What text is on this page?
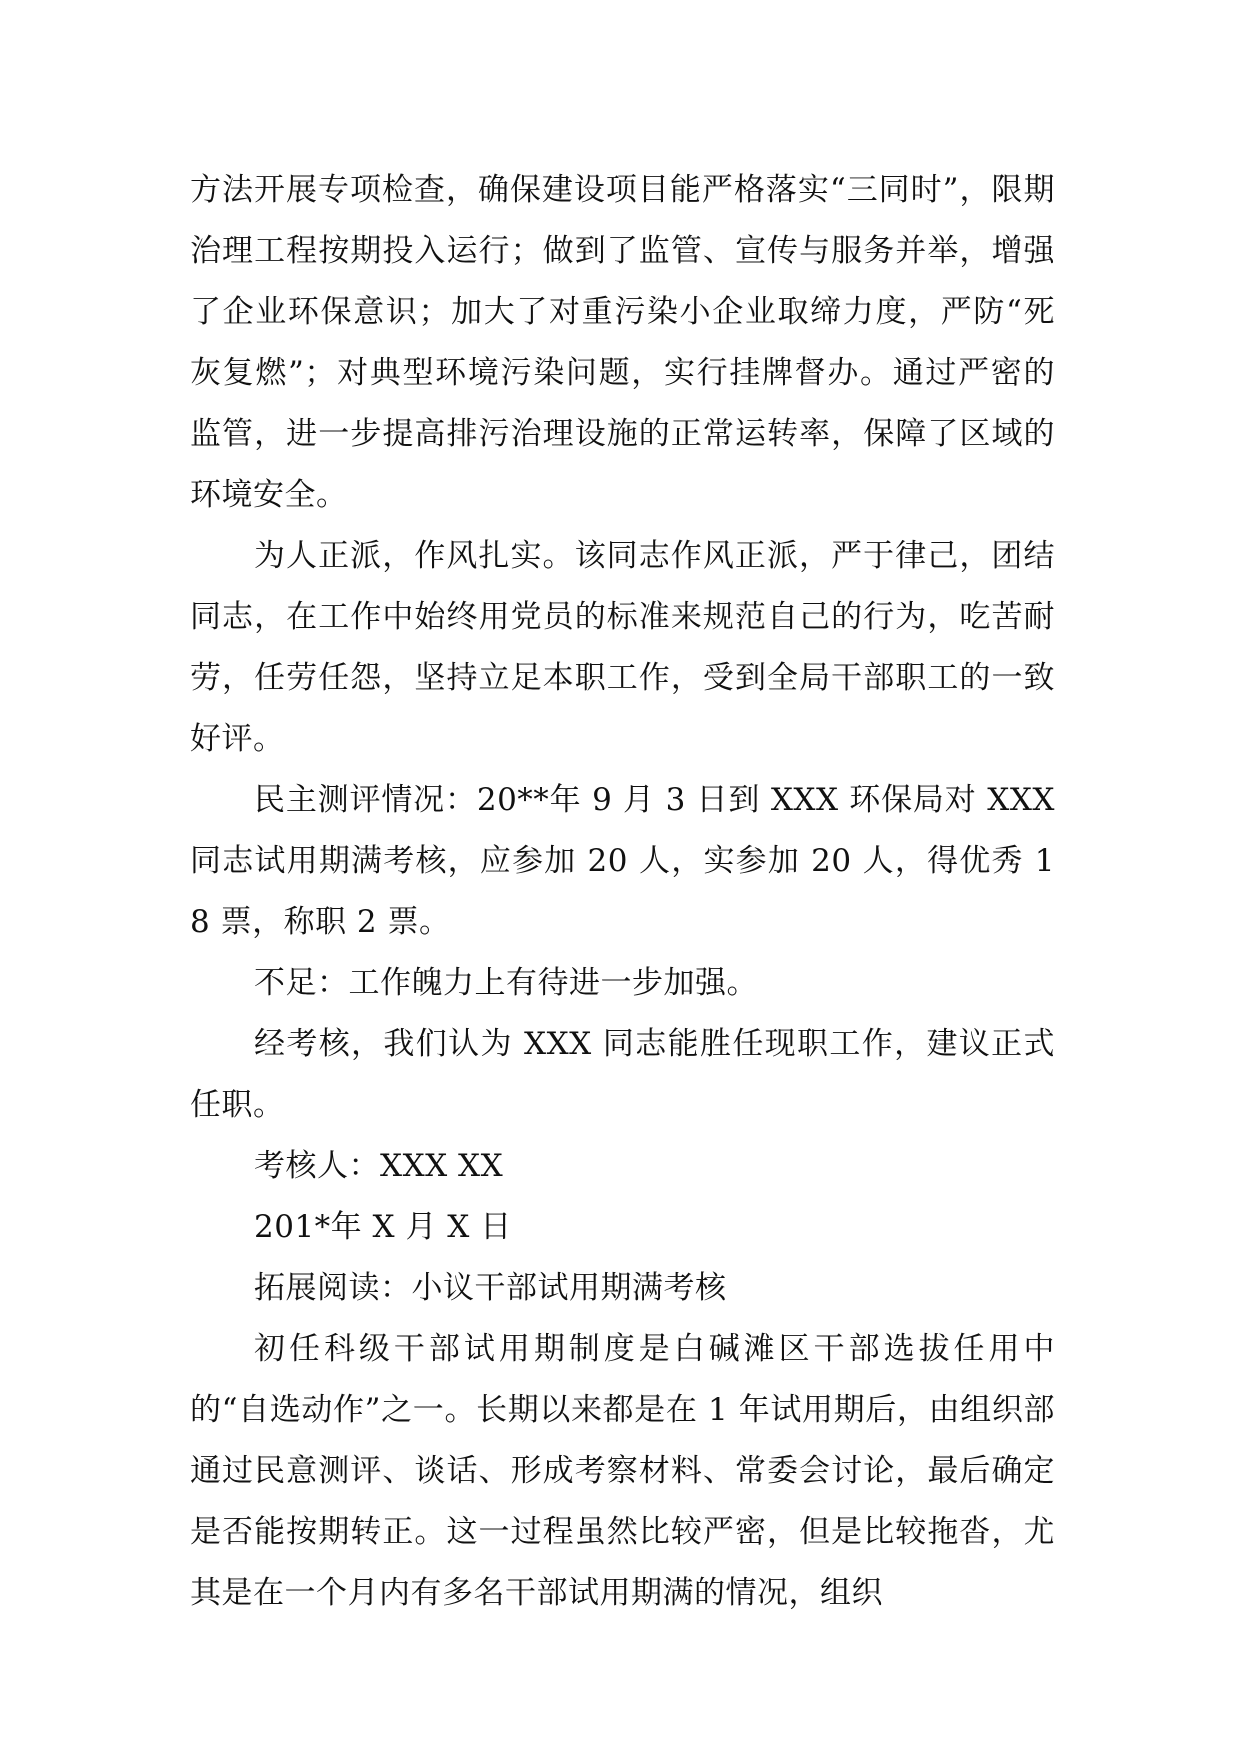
方法开展专项检查，确保建设项目能严格落实“三同时”，限期治理工程按期投入运行；做到了监管、宣传与服务并举，增强了企业环保意识；加大了对重污染小企业取缔力度，严防“死灰复燃”；对典型环境污染问题，实行挂牌督办。通过严密的监管，进一步提高排污治理设施的正常运转率，保障了区域的环境安全。

为人正派，作风扎实。该同志作风正派，严于律己，团结同志，在工作中始终用党员的标准来规范自己的行为，吃苦耐劳，任劳任怨，坚持立足本职工作，受到全局干部职工的一致好评。

民主测评情况：20**年 9 月 3 日到 XXX 环保局对 XXX 同志试用期满考核，应参加 20 人，实参加 20 人，得优秀 18 票，称职 2 票。

不足：工作魄力上有待进一步加强。

经考核，我们认为 XXX 同志能胜任现职工作，建议正式任职。

考核人：XXX XX

201*年 X 月 X 日

拓展阅读：小议干部试用期满考核

初任科级干部试用期制度是白碱滩区干部选拔任用中的“自选动作”之一。长期以来都是在 1 年试用期后，由组织部通过民意测评、谈话、形成考察材料、常委会讨论，最后确定是否能按期转正。这一过程虽然比较严密，但是比较拖沓，尤其是在一个月内有多名干部试用期满的情况，组织
